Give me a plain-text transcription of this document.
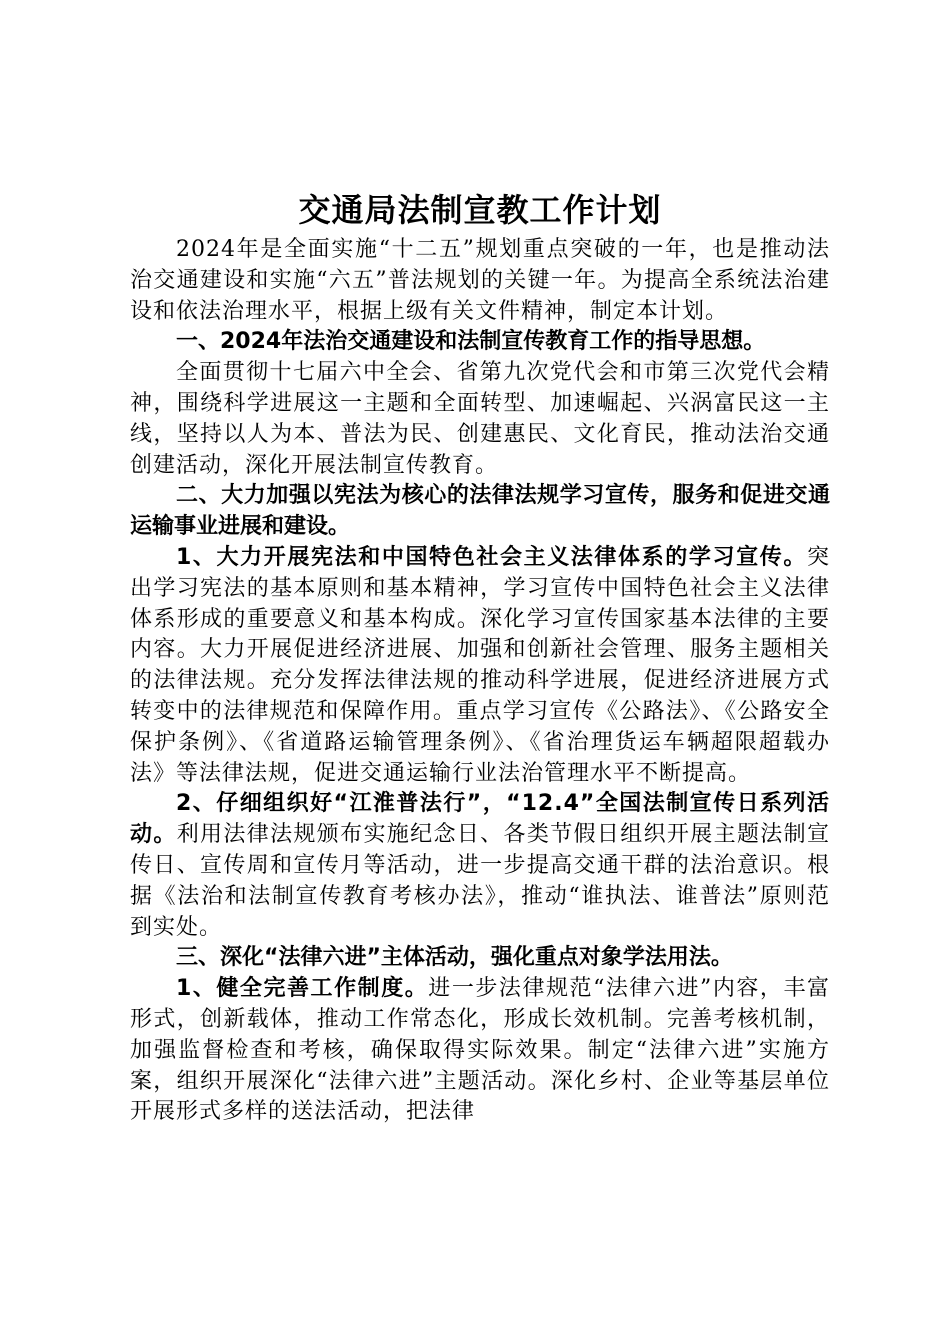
交通局法制宣教工作计划

2024年是全面实施“十二五”规划重点突破的一年，也是推动法治交通建设和实施“六五”普法规划的关键一年。为提高全系统法治建设和依法治理水平，根据上级有关文件精神，制定本计划。

一、2024年法治交通建设和法制宣传教育工作的指导思想。

全面贯彻十七届六中全会、省第九次党代会和市第三次党代会精神，围绕科学进展这一主题和全面转型、加速崛起、兴涡富民这一主线，坚持以人为本、普法为民、创建惠民、文化育民，推动法治交通创建活动，深化开展法制宣传教育。

二、大力加强以宪法为核心的法律法规学习宣传，服务和促进交通运输事业进展和建设。

1、大力开展宪法和中国特色社会主义法律体系的学习宣传。突出学习宪法的基本原则和基本精神，学习宣传中国特色社会主义法律体系形成的重要意义和基本构成。深化学习宣传国家基本法律的主要内容。大力开展促进经济进展、加强和创新社会管理、服务主题相关的法律法规。充分发挥法律法规的推动科学进展，促进经济进展方式转变中的法律规范和保障作用。重点学习宣传《公路法》、《公路安全保护条例》、《省道路运输管理条例》、《省治理货运车辆超限超载办法》等法律法规，促进交通运输行业法治管理水平不断提高。

2、仔细组织好“江淮普法行”，“12.4”全国法制宣传日系列活动。利用法律法规颁布实施纪念日、各类节假日组织开展主题法制宣传日、宣传周和宣传月等活动，进一步提高交通干群的法治意识。根据《法治和法制宣传教育考核办法》，推动“谁执法、谁普法”原则范到实处。

三、深化“法律六进”主体活动，强化重点对象学法用法。

1、健全完善工作制度。进一步法律规范“法律六进”内容，丰富形式，创新载体，推动工作常态化，形成长效机制。完善考核机制，加强监督检查和考核，确保取得实际效果。制定“法律六进”实施方案，组织开展深化“法律六进”主题活动。深化乡村、企业等基层单位开展形式多样的送法活动，把法律
